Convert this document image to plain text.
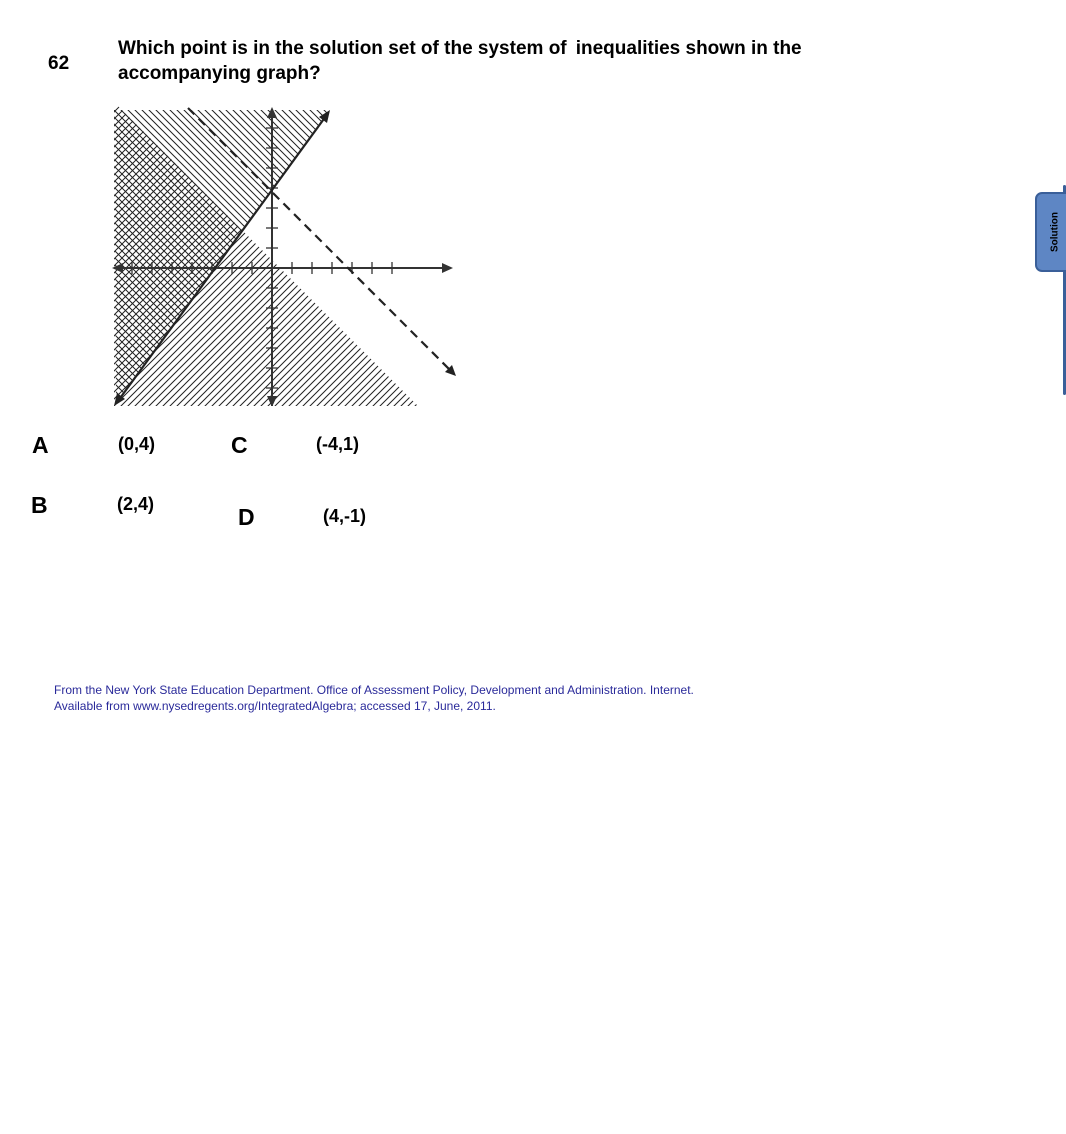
62
Which point is in the solution set of the system of  inequalities shown in the accompanying graph?
A	(0,4)	C	(-4,1)
B	(2,4)	D	(4,-1)
From the New York State Education Department. Office of Assessment Policy, Development and Administration. Internet. Available from www.nysedregents.org/IntegratedAlgebra; accessed 17, June, 2011.
Solution
